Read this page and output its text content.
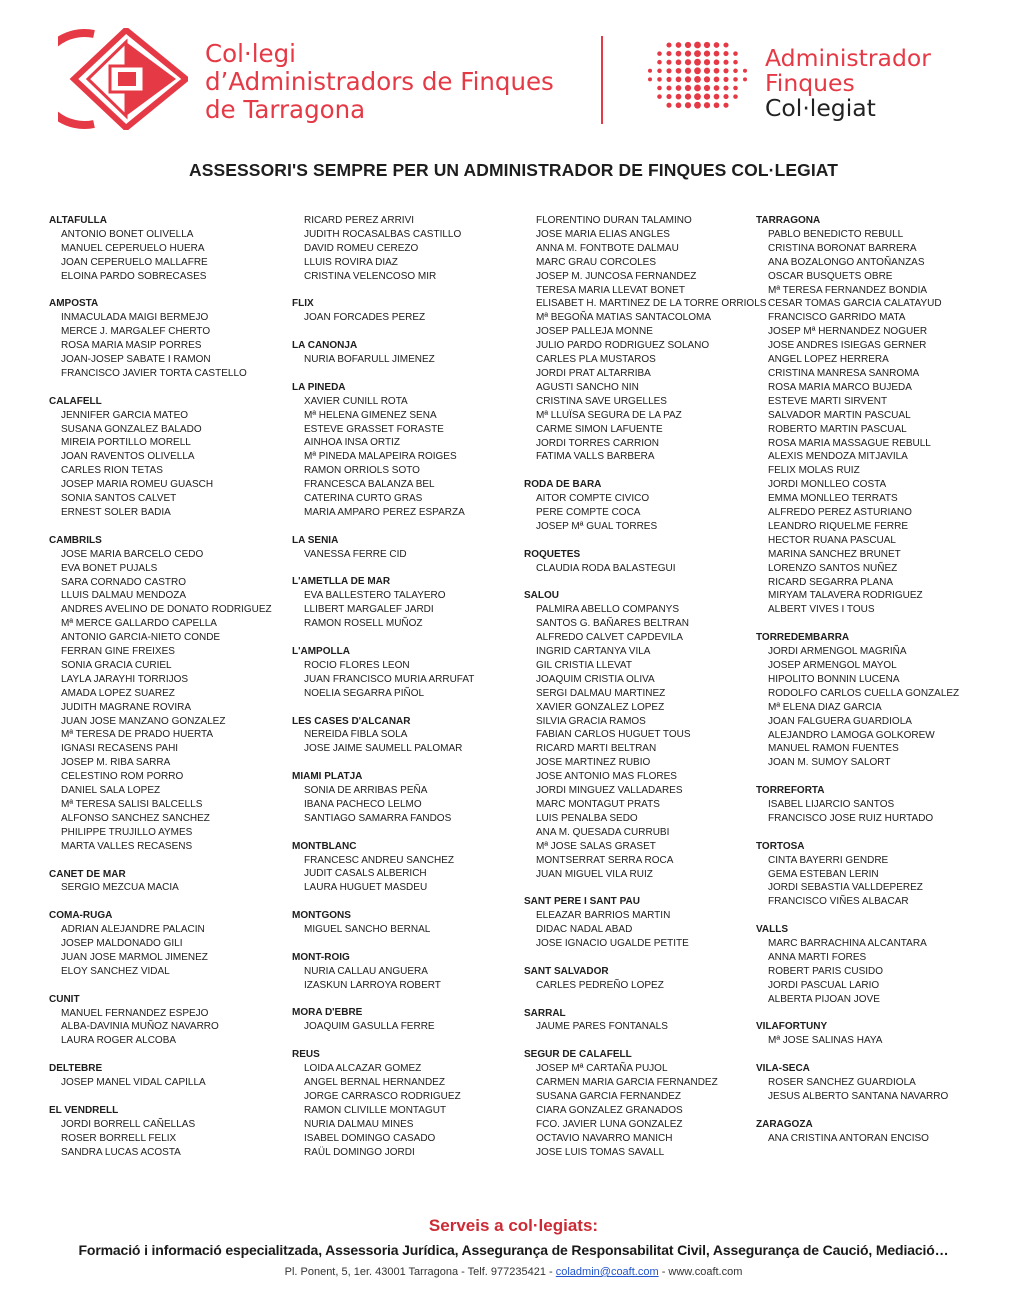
Col·legi
d’Administradors de Finques
de Tarragona
Administrador
Finques
Col·legiat
ASSESSORI'S SEMPRE PER UN ADMINISTRADOR DE FINQUES COL·LEGIAT
ALTAFULLA
ANTONIO BONET OLIVELLA
MANUEL CEPERUELO HUERA
JOAN CEPERUELO MALLAFRE
ELOINA PARDO SOBRECASES
AMPOSTA
INMACULADA MAIGI BERMEJO
MERCE J. MARGALEF CHERTO
ROSA MARIA MASIP PORRES
JOAN-JOSEP SABATE I RAMON
FRANCISCO JAVIER TORTA CASTELLO
CALAFELL
JENNIFER GARCIA MATEO
SUSANA GONZALEZ BALADO
MIREIA PORTILLO MORELL
JOAN RAVENTOS OLIVELLA
CARLES RION TETAS
JOSEP MARIA ROMEU GUASCH
SONIA SANTOS CALVET
ERNEST SOLER BADIA
CAMBRILS
JOSE MARIA BARCELO CEDO
EVA BONET PUJALS
SARA CORNADO CASTRO
LLUIS DALMAU MENDOZA
ANDRES AVELINO DE DONATO RODRIGUEZ
Mª MERCE GALLARDO CAPELLA
ANTONIO GARCIA-NIETO CONDE
FERRAN GINE FREIXES
SONIA GRACIA CURIEL
LAYLA JARAYHI TORRIJOS
AMADA LOPEZ SUAREZ
JUDITH MAGRANE ROVIRA
JUAN JOSE MANZANO GONZALEZ
Mª TERESA DE PRADO HUERTA
IGNASI RECASENS PAHI
JOSEP M. RIBA SARRA
CELESTINO ROM PORRO
DANIEL SALA LOPEZ
Mª TERESA SALISI BALCELLS
ALFONSO SANCHEZ SANCHEZ
PHILIPPE TRUJILLO AYMES
MARTA VALLES RECASENS
CANET DE MAR
SERGIO MEZCUA MACIA
COMA-RUGA
ADRIAN ALEJANDRE PALACIN
JOSEP MALDONADO GILI
JUAN JOSE MARMOL JIMENEZ
ELOY SANCHEZ VIDAL
CUNIT
MANUEL FERNANDEZ ESPEJO
ALBA-DAVINIA MUÑOZ NAVARRO
LAURA ROGER ALCOBA
DELTEBRE
JOSEP MANEL VIDAL CAPILLA
EL VENDRELL
JORDI BORRELL CAÑELLAS
ROSER BORRELL FELIX
SANDRA LUCAS ACOSTA
RICARD PEREZ ARRIVI
JUDITH ROCASALBAS CASTILLO
DAVID ROMEU CEREZO
LLUIS ROVIRA DIAZ
CRISTINA VELENCOSO MIR
FLIX
JOAN FORCADES PEREZ
LA CANONJA
NURIA BOFARULL JIMENEZ
LA PINEDA
XAVIER CUNILL ROTA
Mª HELENA GIMENEZ SENA
ESTEVE GRASSET FORASTE
AINHOA INSA ORTIZ
Mª PINEDA MALAPEIRA ROIGES
RAMON ORRIOLS SOTO
FRANCESCA BALANZA BEL
CATERINA CURTO GRAS
MARIA AMPARO PEREZ ESPARZA
LA SENIA
VANESSA FERRE CID
L'AMETLLA DE MAR
EVA BALLESTERO TALAYERO
LLIBERT MARGALEF JARDI
RAMON ROSELL MUÑOZ
L'AMPOLLA
ROCIO FLORES LEON
JUAN FRANCISCO MURIA ARRUFAT
NOELIA SEGARRA PIÑOL
LES CASES D'ALCANAR
NEREIDA FIBLA SOLA
JOSE JAIME SAUMELL PALOMAR
MIAMI PLATJA
SONIA DE ARRIBAS PEÑA
IBANA PACHECO LELMO
SANTIAGO SAMARRA FANDOS
MONTBLANC
FRANCESC ANDREU SANCHEZ
JUDIT CASALS ALBERICH
LAURA HUGUET MASDEU
MONTGONS
MIGUEL SANCHO BERNAL
MONT-ROIG
NURIA CALLAU ANGUERA
IZASKUN LARROYA ROBERT
MORA D'EBRE
JOAQUIM GASULLA FERRE
REUS
LOIDA ALCAZAR GOMEZ
ANGEL BERNAL HERNANDEZ
JORGE CARRASCO RODRIGUEZ
RAMON CLIVILLE MONTAGUT
NURIA DALMAU MINES
ISABEL DOMINGO CASADO
RAÜL DOMINGO JORDI
FLORENTINO DURAN TALAMINO
JOSE MARIA ELIAS ANGLES
ANNA M. FONTBOTE DALMAU
MARC GRAU CORCOLES
JOSEP M. JUNCOSA FERNANDEZ
TERESA MARIA LLEVAT BONET
ELISABET H. MARTINEZ DE LA TORRE ORRIOLS
Mª BEGOÑA MATIAS SANTACOLOMA
JOSEP PALLEJA MONNE
JULIO PARDO RODRIGUEZ SOLANO
CARLES PLA MUSTAROS
JORDI PRAT ALTARRIBA
AGUSTI SANCHO NIN
CRISTINA SAVE URGELLES
Mª LLUÏSA SEGURA DE LA PAZ
CARME SIMON LAFUENTE
JORDI TORRES CARRION
FATIMA VALLS BARBERA
RODA DE BARA
AITOR COMPTE CIVICO
PERE COMPTE COCA
JOSEP Mª GUAL TORRES
ROQUETES
CLAUDIA RODA BALASTEGUI
SALOU
PALMIRA ABELLO COMPANYS
SANTOS G. BAÑARES BELTRAN
ALFREDO CALVET CAPDEVILA
INGRID CARTANYA VILA
GIL CRISTIA LLEVAT
JOAQUIM CRISTIA OLIVA
SERGI DALMAU MARTINEZ
XAVIER GONZALEZ LOPEZ
SILVIA GRACIA RAMOS
FABIAN CARLOS HUGUET TOUS
RICARD MARTI BELTRAN
JOSE MARTINEZ RUBIO
JOSE ANTONIO MAS FLORES
JORDI MINGUEZ VALLADARES
MARC MONTAGUT PRATS
LUIS PENALBA SEDO
ANA M. QUESADA CURRUBI
Mª JOSE SALAS GRASET
MONTSERRAT SERRA ROCA
JUAN MIGUEL VILA RUIZ
SANT PERE I SANT PAU
ELEAZAR BARRIOS MARTIN
DIDAC NADAL ABAD
JOSE IGNACIO UGALDE PETITE
SANT SALVADOR
CARLES PEDREÑO LOPEZ
SARRAL
JAUME PARES FONTANALS
SEGUR DE CALAFELL
JOSEP Mª CARTAÑA PUJOL
CARMEN MARIA GARCIA FERNANDEZ
SUSANA GARCIA FERNANDEZ
CIARA GONZALEZ GRANADOS
FCO. JAVIER LUNA GONZALEZ
OCTAVIO NAVARRO MANICH
JOSE LUIS TOMAS SAVALL
TARRAGONA
PABLO BENEDICTO REBULL
CRISTINA BORONAT BARRERA
ANA BOZALONGO ANTOÑANZAS
OSCAR BUSQUETS OBRE
Mª TERESA FERNANDEZ BONDIA
CESAR TOMAS GARCIA CALATAYUD
FRANCISCO GARRIDO MATA
JOSEP Mª HERNANDEZ NOGUER
JOSE ANDRES ISIEGAS GERNER
ANGEL LOPEZ HERRERA
CRISTINA MANRESA SANROMA
ROSA MARIA MARCO BUJEDA
ESTEVE MARTI SIRVENT
SALVADOR MARTIN PASCUAL
ROBERTO MARTIN PASCUAL
ROSA MARIA MASSAGUE REBULL
ALEXIS MENDOZA MITJAVILA
FELIX MOLAS RUIZ
JORDI MONLLEO COSTA
EMMA MONLLEO TERRATS
ALFREDO PEREZ ASTURIANO
LEANDRO RIQUELME FERRE
HECTOR RUANA PASCUAL
MARINA SANCHEZ BRUNET
LORENZO SANTOS NUÑEZ
RICARD SEGARRA PLANA
MIRYAM TALAVERA RODRIGUEZ
ALBERT VIVES I TOUS
TORREDEMBARRA
JORDI ARMENGOL MAGRIÑA
JOSEP ARMENGOL MAYOL
HIPOLITO BONNIN LUCENA
RODOLFO CARLOS CUELLA GONZALEZ
Mª ELENA DIAZ GARCIA
JOAN FALGUERA GUARDIOLA
ALEJANDRO LAMOGA GOLKOREW
MANUEL RAMON FUENTES
JOAN M. SUMOY SALORT
TORREFORTA
ISABEL LIJARCIO SANTOS
FRANCISCO JOSE RUIZ HURTADO
TORTOSA
CINTA BAYERRI GENDRE
GEMA ESTEBAN LERIN
JORDI SEBASTIA VALLDEPEREZ
FRANCISCO VIÑES ALBACAR
VALLS
MARC BARRACHINA ALCANTARA
ANNA MARTI FORES
ROBERT PARIS CUSIDO
JORDI PASCUAL LARIO
ALBERTA PIJOAN JOVE
VILAFORTUNY
Mª JOSE SALINAS HAYA
VILA-SECA
ROSER SANCHEZ GUARDIOLA
JESUS ALBERTO SANTANA NAVARRO
ZARAGOZA
ANA CRISTINA ANTORAN ENCISO
Serveis a col·legiats:
Formació i informació especialitzada, Assessoria Jurídica, Assegurança de Responsabilitat Civil, Assegurança de Caució, Mediació…
Pl. Ponent, 5, 1er. 43001 Tarragona - Telf. 977235421 - coladmin@coaft.com - www.coaft.com
